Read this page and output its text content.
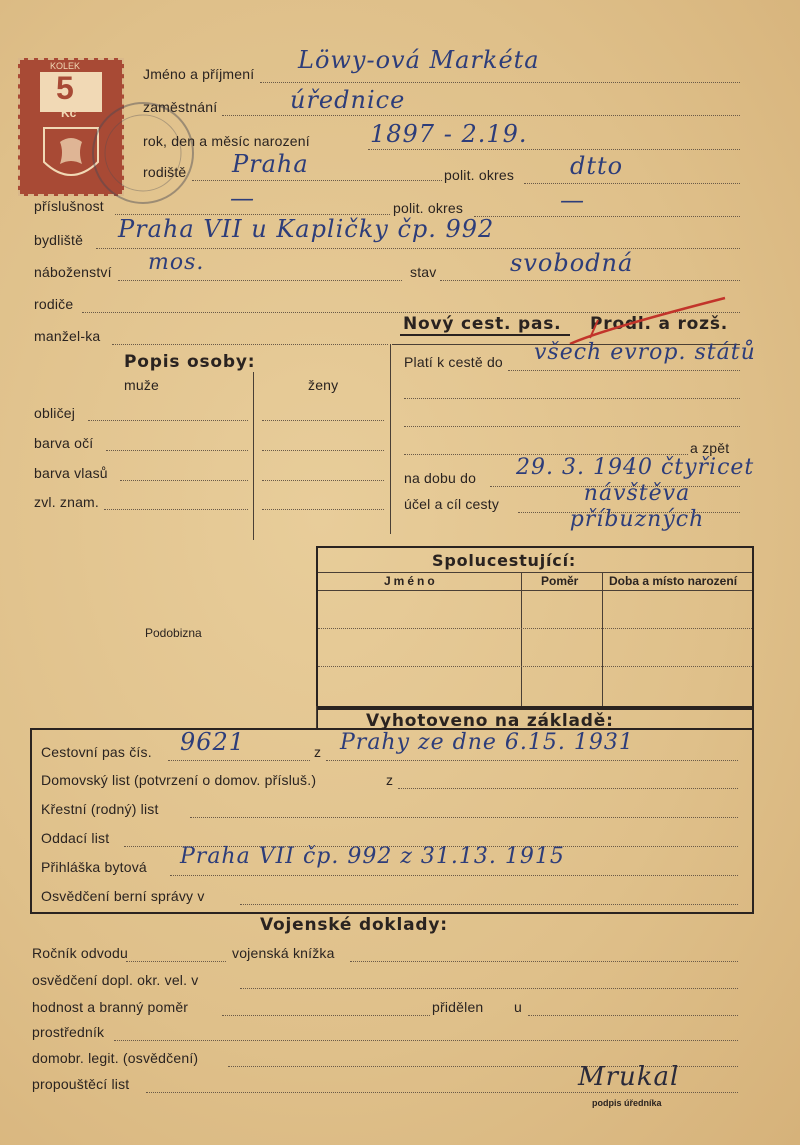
KOLEK
5
Kč
Jméno a příjmení Löwy-ová Markéta
zaměstnání	úřednice
rok, den a měsíc narození	1897 - 2.19.
rodiště Praha	polit. okres dtto
příslušnost	—	polit. okres	—
bydliště Praha VII u Kapličky čp. 992
náboženství mos.	stav	svobodná
rodiče
manžel-ka
Nový cest. pas. Prodl. a rozš.
Platí k cestě do všech evrop. států
a zpět
na dobu do 29. 3. 1940 čtyřicet
účel a cíl cesty	návštěva příbuzných
Popis osoby:
muže	ženy
obličej
barva očí
barva vlasů
zvl. znam.
Podobizna
Spolucestující:
Jméno	Poměr	Doba a místo narození
Vyhotoveno na základě:
Cestovní pas čís. 9621	z Prahy ze dne 6.15. 1931
Domovský list (potvrzení o domov. přísluš.)	z
Křestní (rodný) list
Oddací list
Přihláška bytová Praha VII čp. 992 z 31.13. 1915
Osvědčení berní správy v
Vojenské doklady:
Ročník odvodu	vojenská knížka
osvědčení dopl. okr. vel. v
hodnost a branný poměr	přidělen u
prostředník
domobr. legit. (osvědčení)
propouštěcí list	Mrukal
podpis úředníka
